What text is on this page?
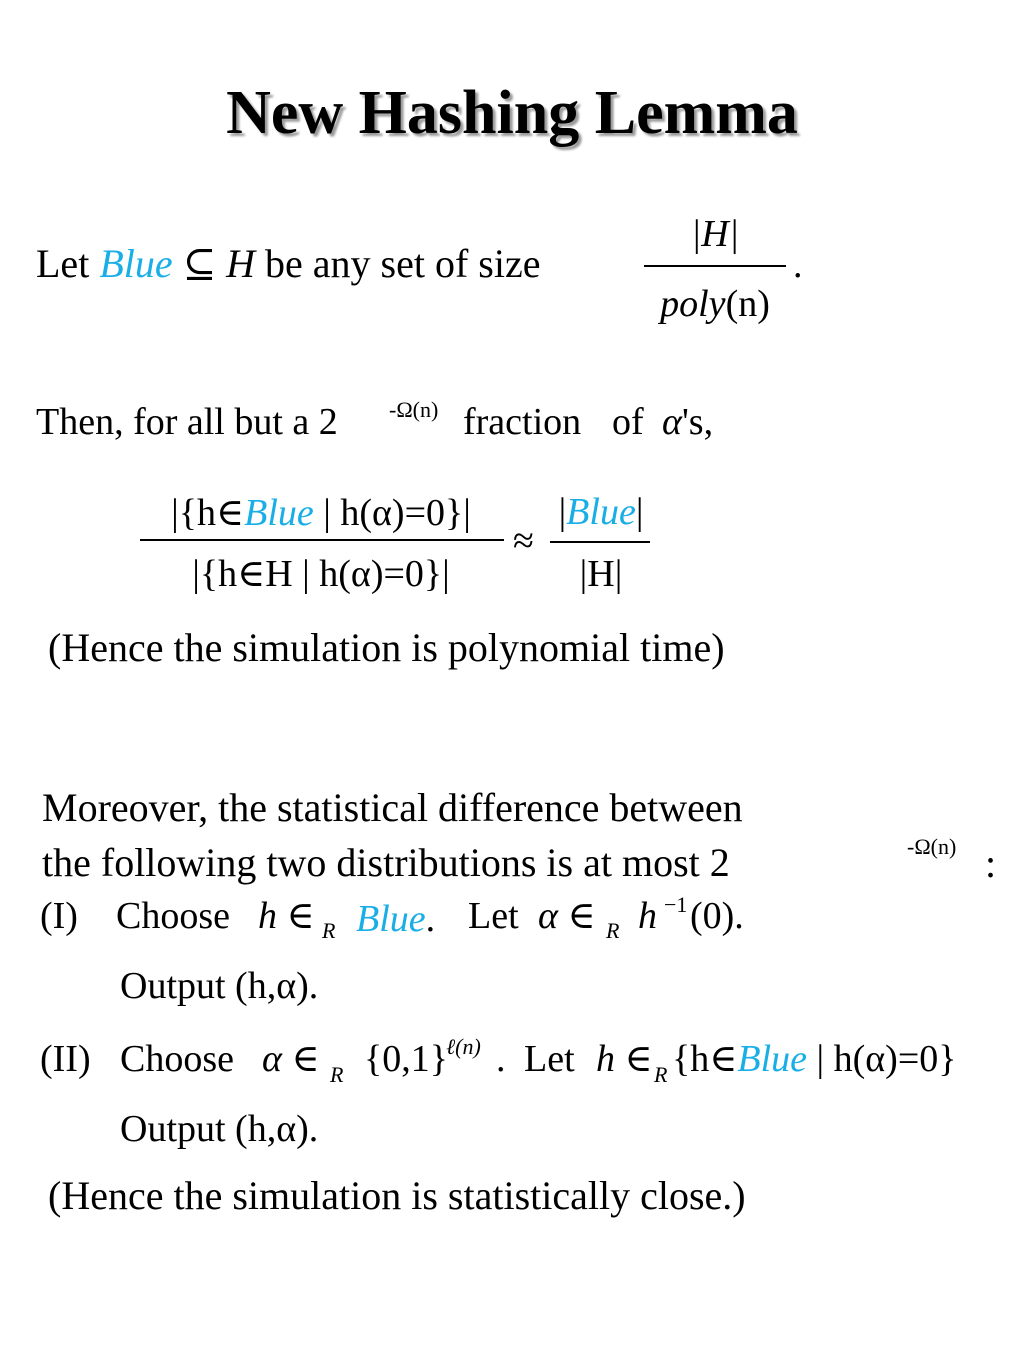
New Hashing Lemma
Let Blue ⊆ H be any set of size
|H|
poly(n)
.
Then, for all but a 2 -Ω(n) fraction of α's,
|{h∈Blue | h(α)=0}|
|{h∈H | h(α)=0}|
≈
|Blue|
|H|
(Hence the simulation is polynomial time)
Moreover, the statistical difference between
the following two distributions is at most 2	-Ω(n) :
(I) Choose h ∈ R Blue. Let α ∈ R h −1 (0).
Output (h,α).
(II) Choose α ∈ R {0,1}
ℓ(n) . Let h ∈ R {h∈Blue | h(α)=0}
Output (h,α).
(Hence the simulation is statistically close.)
